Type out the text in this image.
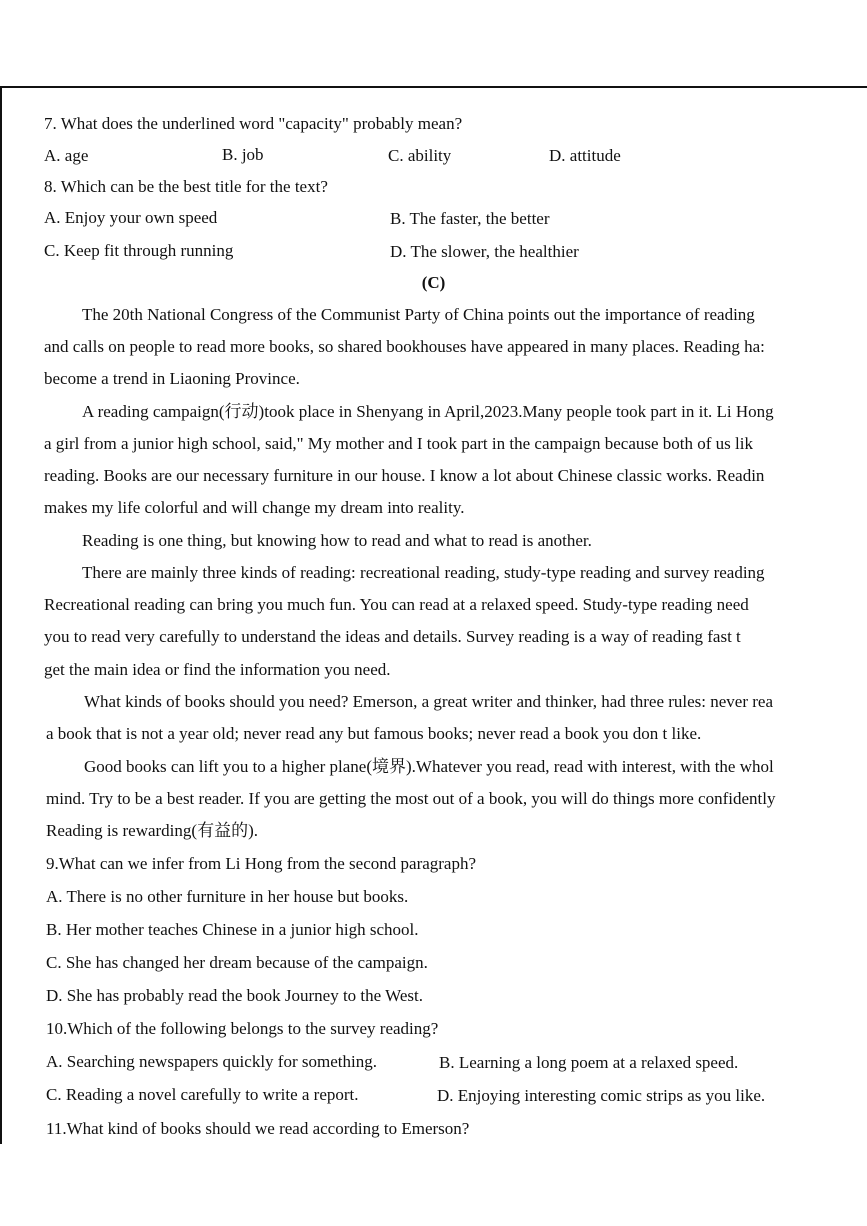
7. What does the underlined word "capacity" probably mean?
A. age	B. job	C. ability	D. attitude
8. Which can be the best title for the text?
A. Enjoy your own speed	B. The faster, the better
C. Keep fit through running	D. The slower, the healthier
(C)
The 20th National Congress of the Communist Party of China points out the importance of reading
and calls on people to read more books, so shared bookhouses have appeared in many places. Reading ha:
become a trend in Liaoning Province.
A reading campaign(行动)took place in Shenyang in April,2023.Many people took part in it. Li Hong
a girl from a junior high school, said," My mother and I took part in the campaign because both of us lik
reading. Books are our necessary furniture in our house. I know a lot about Chinese classic works. Readin
makes my life colorful and will change my dream into reality.
Reading is one thing, but knowing how to read and what to read is another.
There are mainly three kinds of reading: recreational reading, study-type reading and survey reading
Recreational reading can bring you much fun. You can read at a relaxed speed. Study-type reading need
you to read very carefully to understand the ideas and details. Survey reading is a way of reading fast t
get the main idea or find the information you need.
What kinds of books should you need? Emerson, a great writer and thinker, had three rules: never rea
a book that is not a year old; never read any but famous books; never read a book you don t like.
Good books can lift you to a higher plane(境界).Whatever you read, read with interest, with the whol
mind. Try to be a best reader. If you are getting the most out of a book, you will do things more confidently
Reading is rewarding(有益的).
9.What can we infer from Li Hong from the second paragraph?
A. There is no other furniture in her house but books.
B. Her mother teaches Chinese in a junior high school.
C. She has changed her dream because of the campaign.
D. She has probably read the book Journey to the West.
10.Which of the following belongs to the survey reading?
A. Searching newspapers quickly for something.	B. Learning a long poem at a relaxed speed.
C. Reading a novel carefully to write a report.	D. Enjoying interesting comic strips as you like.
11.What kind of books should we read according to Emerson?
